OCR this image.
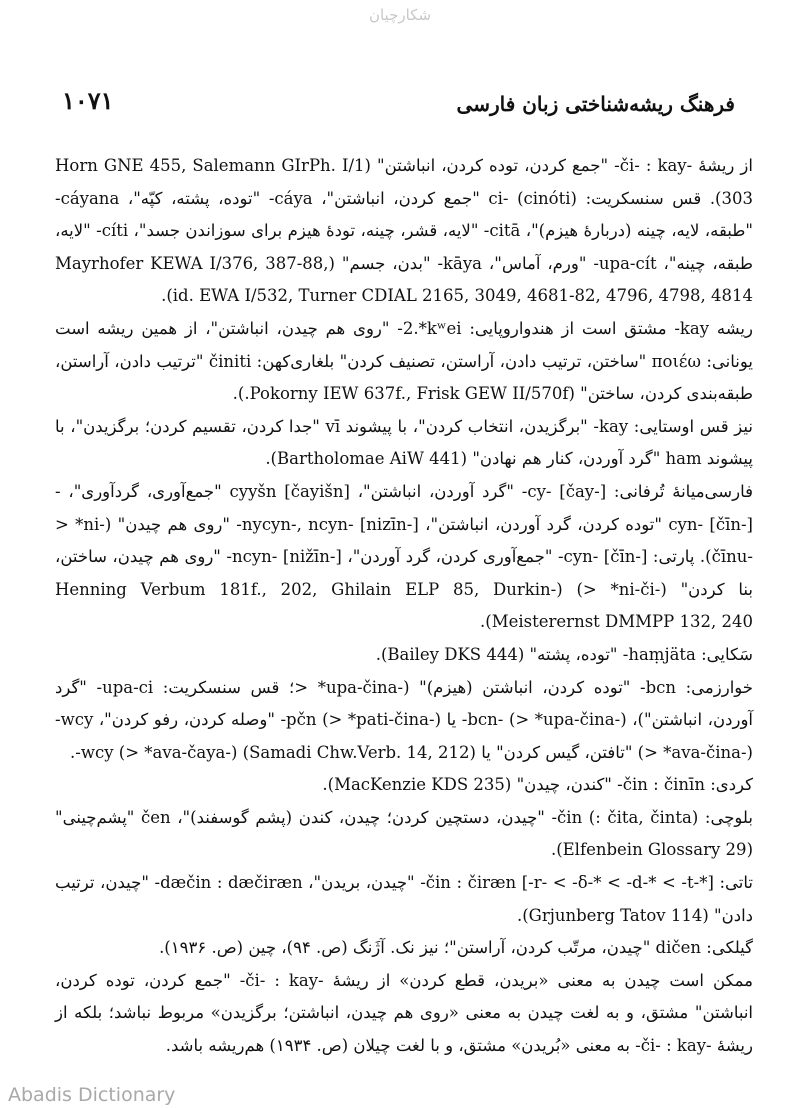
شکارچیان
۱۰۷۱	فرهنگ ریشه‌شناختی زبان فارسی

از ریشهٔ ‎-či- : kay-‎ "جمع کردن، توده کردن، انباشتن" (Horn GNE 455, Salemann GIrPh. I/1 303). قس سنسکریت: ‎ci- (cinóti)‎ "جمع کردن، انباشتن"، ‎-cáya‎ "توده، پشته، کپّه"، ‎-cáyana‎ "طبقه، لایه، چینه (دربارهٔ هیزم)"، ‎-citā‎ "لایه، قشر، چینه، تودهٔ هیزم برای سوزاندن جسد"، ‎-cíti‎ "لایه، طبقه، چینه"، ‎-upa-cít‎ "ورم، آماس"، ‎-kāya‎ "بدن، جسم" (Mayrhofer KEWA I/376, 387-88, id. EWA I/532, Turner CDIAL 2165, 3049, 4681-82, 4796, 4798, 4814).

ریشه ‎-kay‎ مشتق است از هندواروپایی: ‎-2.*kʷei‎ "روی هم چیدن، انباشتن"، از همین ریشه است یونانی: ποιέω "ساختن، ترتیب دادن، آراستن، تصنیف کردن" بلغاری‌کهن: činiti "ترتیب دادن، آراستن، طبقه‌بندی کردن، ساختن" (Pokorny IEW 637f., Frisk GEW II/570f.).

نیز قس اوستایی: ‎-kay‎ "برگزیدن، انتخاب کردن"، با پیشوند vī "جدا کردن، تقسیم کردن؛ برگزیدن"، با پیشوند ham "گرد آوردن، کنار هم نهادن" (Bartholomae AiW 441).

فارسی‌میانهٔ تُرفانی: ‎-cy- [čay-]‎ "گرد آوردن، انباشتن"، cyyšn [čayišn] "جمع‌آوری، گردآوری"، ‎-cyn- [čīn-]‎ "توده کردن، گرد آوردن، انباشتن"، ‎-nycyn-, ncyn- [nizīn-]‎ "روی هم چیدن" (‎> *ni-čīnu-‎). پارتی: ‎-cyn- [čīn-]‎ "جمع‌آوری کردن، گرد آوردن"، ‎-ncyn- [nižīn-]‎ "روی هم چیدن، ساختن، بنا کردن" (‎> *ni-či-‎) (Henning Verbum 181f., 202, Ghilain ELP 85, Durkin-Meisterernst DMMPP 132, 240).

سَکایی: ‎-haṃjäta‎ "توده، پشته" (Bailey DKS 444).

خوارزمی: ‎-bcn‎ "توده کردن، انباشتن (هیزم)" (‎> *upa-čina-‎؛ قس سنسکریت: ‎-upa-ci‎ "گرد آوردن، انباشتن")، ‎-bcn- (> *upa-čina-)‎ یا ‎-pčn (> *pati-čina-)‎ "وصله کردن، رفو کردن"، ‎-wcy (> *ava-čina-)‎ "تافتن، گیس کردن" یا ‎-wcy (> *ava-čaya-)‎ (Samadi Chw.Verb. 14, 212).

کردی: ‎-čin : činīn‎ "کندن، چیدن" (MacKenzie KDS 235).

بلوچی: ‎-čin (: čita, činta)‎ "چیدن، دستچین کردن؛ چیدن، کندن (پشم گوسفند)"، čen "پشم‌چینی" (Elfenbein Glossary 29).

تاتی: ‎-čin : čiræn [-r- < -δ-* < -d-* < -t-*]‎ "چیدن، بریدن"، ‎-dæčin : dæčiræn‎ "چیدن، ترتیب دادن" (Grjunberg Tatov 114).

گیلکی: dičen "چیدن، مرتّب کردن، آراستن"؛ نیز نک. آژَنگ (ص. ۹۴)، چین (ص. ۱۹۳۶).

ممکن است چیدن به معنی «بریدن، قطع کردن» از ریشهٔ ‎-či- : kay-‎ "جمع کردن، توده کردن، انباشتن" مشتق، و به لغت چیدن به معنی «روی هم چیدن، انباشتن؛ برگزیدن» مربوط نباشد؛ بلکه از ریشهٔ ‎-či- : kay-‎ به معنی «بُریدن» مشتق، و با لغت چیلان (ص. ۱۹۳۴) هم‌ریشه باشد.

Abadis Dictionary
